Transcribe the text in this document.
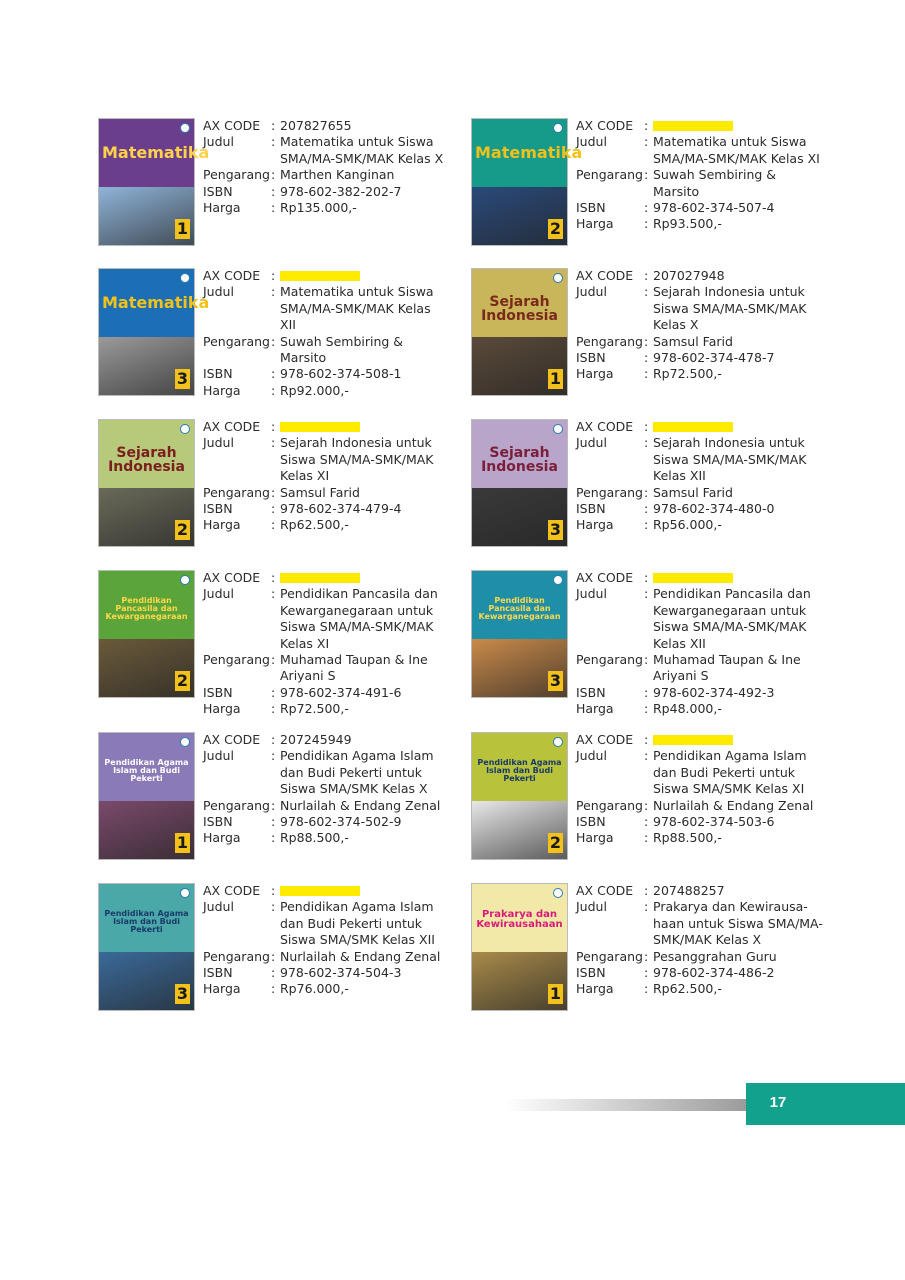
Matematika
1
AX CODE : 207827655
Judul	: Matematika untuk Siswa SMA/MA-SMK/MAK Kelas X
Pengarang : Marthen Kanginan
ISBN	: 978-602-382-202-7
Harga	: Rp135.000,-
Matematika
2
AX CODE :
Judul	: Matematika untuk Siswa SMA/MA-SMK/MAK Kelas XI
Pengarang : Suwah Sembiring & Marsito
ISBN	: 978-602-374-507-4
Harga	: Rp93.500,-
Matematika
3
AX CODE :
Judul	: Matematika untuk Siswa SMA/MA-SMK/MAK Kelas XII
Pengarang : Suwah Sembiring & Marsito
ISBN	: 978-602-374-508-1
Harga	: Rp92.000,-
Sejarah Indonesia
1
AX CODE : 207027948
Judul	: Sejarah Indonesia untuk Siswa SMA/MA-SMK/MAK Kelas X
Pengarang : Samsul Farid
ISBN	: 978-602-374-478-7
Harga	: Rp72.500,-
Sejarah Indonesia
2
AX CODE :
Judul	: Sejarah Indonesia untuk Siswa SMA/MA-SMK/MAK Kelas XI
Pengarang : Samsul Farid
ISBN	: 978-602-374-479-4
Harga	: Rp62.500,-
Sejarah Indonesia
3
AX CODE :
Judul	: Sejarah Indonesia untuk Siswa SMA/MA-SMK/MAK Kelas XII
Pengarang : Samsul Farid
ISBN	: 978-602-374-480-0
Harga	: Rp56.000,-
Pendidikan Pancasila dan Kewarganegaraan
2
AX CODE :
Judul	: Pendidikan Pancasila dan Kewarganegaraan untuk Siswa SMA/MA-SMK/MAK Kelas XI
Pengarang : Muhamad Taupan & Ine Ariyani S
ISBN	: 978-602-374-491-6
Harga	: Rp72.500,-
Pendidikan Pancasila dan Kewarganegaraan
3
AX CODE :
Judul	: Pendidikan Pancasila dan Kewarganegaraan untuk Siswa SMA/MA-SMK/MAK Kelas XII
Pengarang : Muhamad Taupan & Ine Ariyani S
ISBN	: 978-602-374-492-3
Harga	: Rp48.000,-
Pendidikan Agama Islam dan Budi Pekerti
1
AX CODE : 207245949
Judul	: Pendidikan Agama Islam dan Budi Pekerti untuk Siswa SMA/SMK Kelas X
Pengarang : Nurlailah & Endang Zenal
ISBN	: 978-602-374-502-9
Harga	: Rp88.500,-
Pendidikan Agama Islam dan Budi Pekerti
2
AX CODE :
Judul	: Pendidikan Agama Islam dan Budi Pekerti untuk Siswa SMA/SMK Kelas XI
Pengarang : Nurlailah & Endang Zenal
ISBN	: 978-602-374-503-6
Harga	: Rp88.500,-
Pendidikan Agama Islam dan Budi Pekerti
3
AX CODE :
Judul	: Pendidikan Agama Islam dan Budi Pekerti untuk Siswa SMA/SMK Kelas XII
Pengarang : Nurlailah & Endang Zenal
ISBN	: 978-602-374-504-3
Harga	: Rp76.000,-
Prakarya dan Kewirausahaan
1
AX CODE : 207488257
Judul	: Prakarya dan Kewirausa-haan untuk Siswa SMA/MA-SMK/MAK Kelas X
Pengarang : Pesanggrahan Guru
ISBN	: 978-602-374-486-2
Harga	: Rp62.500,-
17
